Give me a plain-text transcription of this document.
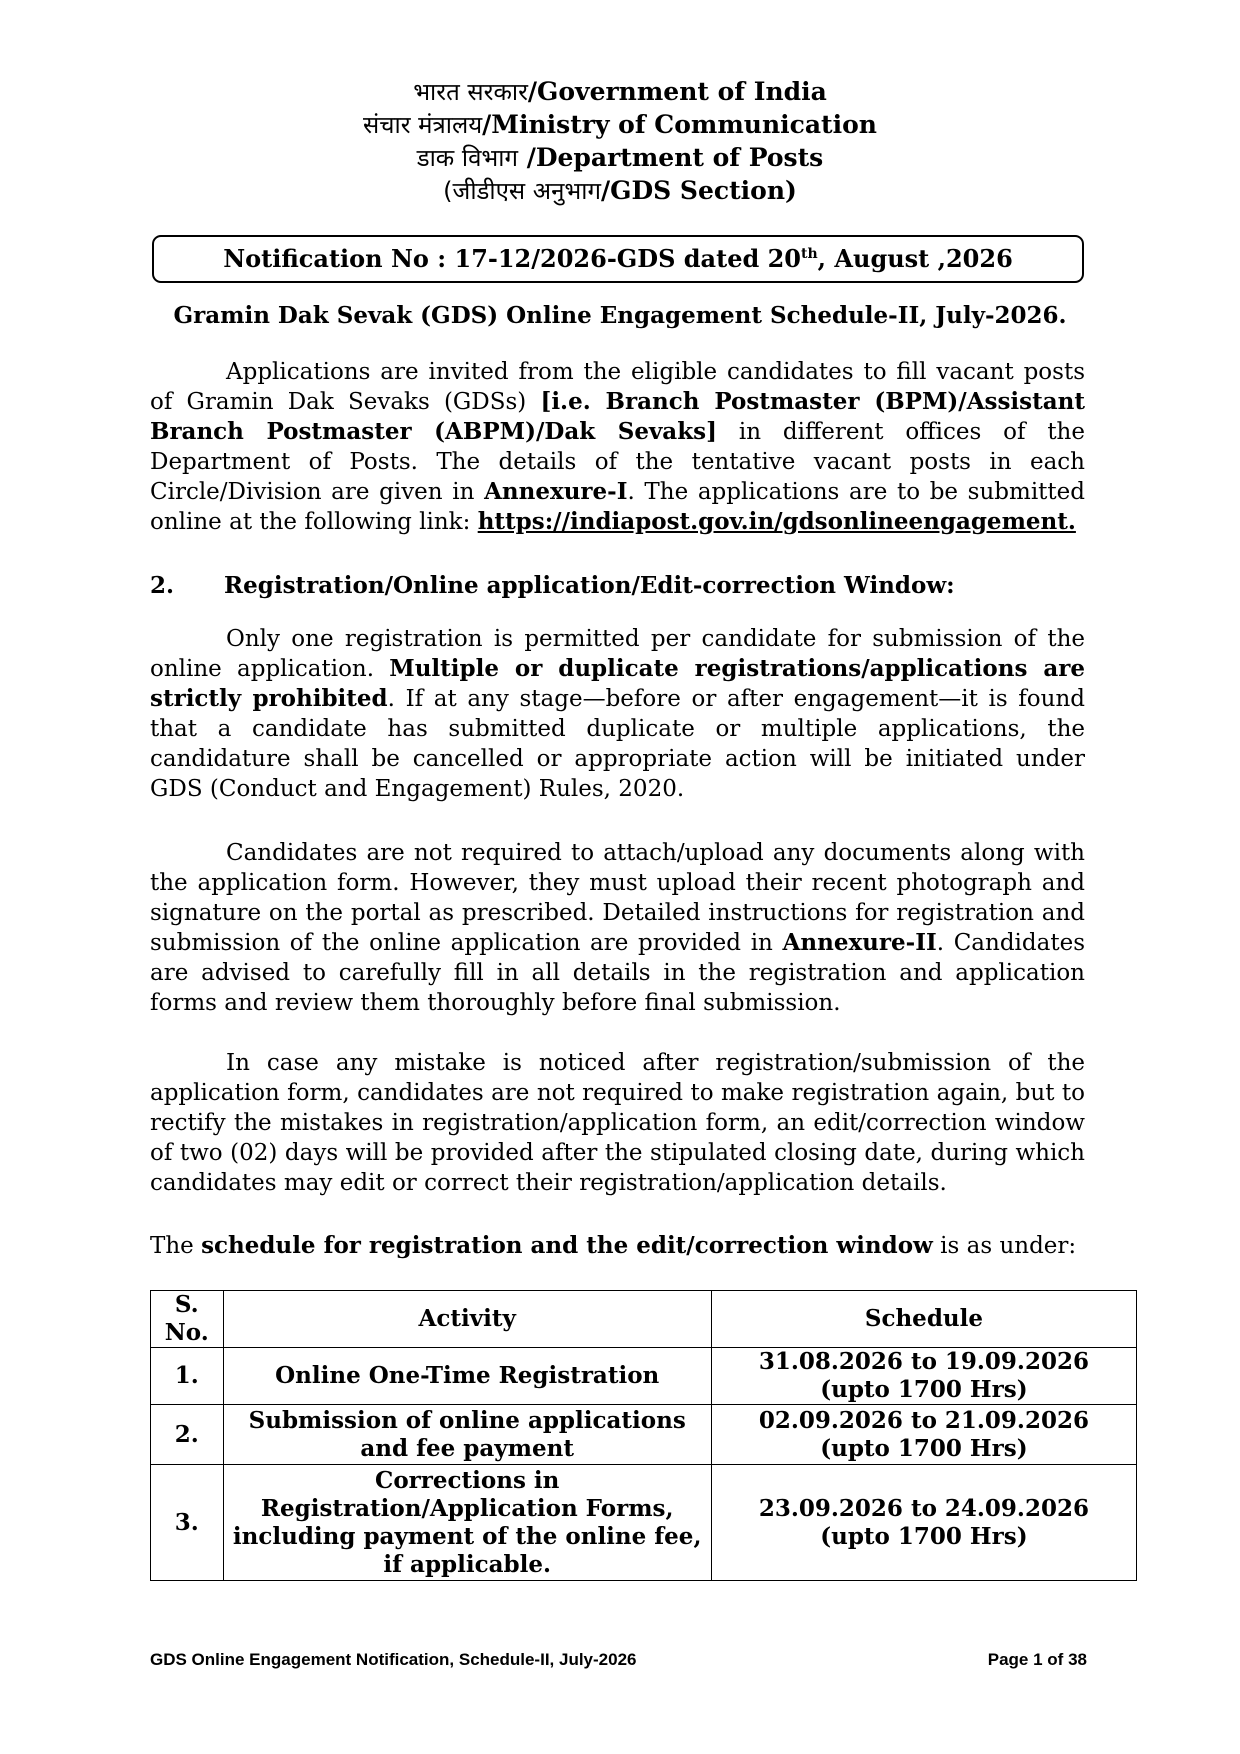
भारत सरकार/Government of India
संचार मंत्रालय/Ministry of Communication
डाक विभाग /Department of Posts
(जीडीएस अनुभाग/GDS Section)
Notification No : 17-12/2026-GDS dated 20th, August ,2026
Gramin Dak Sevak (GDS) Online Engagement Schedule-II, July-2026.
Applications are invited from the eligible candidates to fill vacant posts of Gramin Dak Sevaks (GDSs) [i.e. Branch Postmaster (BPM)/Assistant Branch Postmaster (ABPM)/Dak Sevaks] in different offices of the Department of Posts. The details of the tentative vacant posts in each Circle/Division are given in Annexure-I. The applications are to be submitted online at the following link: https://indiapost.gov.in/gdsonlineengagement.
2. Registration/Online application/Edit-correction Window:
Only one registration is permitted per candidate for submission of the online application. Multiple or duplicate registrations/applications are strictly prohibited. If at any stage—before or after engagement—it is found that a candidate has submitted duplicate or multiple applications, the candidature shall be cancelled or appropriate action will be initiated under GDS (Conduct and Engagement) Rules, 2020.
Candidates are not required to attach/upload any documents along with the application form. However, they must upload their recent photograph and signature on the portal as prescribed. Detailed instructions for registration and submission of the online application are provided in Annexure-II. Candidates are advised to carefully fill in all details in the registration and application forms and review them thoroughly before final submission.
In case any mistake is noticed after registration/submission of the application form, candidates are not required to make registration again, but to rectify the mistakes in registration/application form, an edit/correction window of two (02) days will be provided after the stipulated closing date, during which candidates may edit or correct their registration/application details.
The schedule for registration and the edit/correction window is as under:
S.
No.	Activity	Schedule
1.	Online One-Time Registration	31.08.2026 to 19.09.2026
(upto 1700 Hrs)
2.	Submission of online applications and fee payment	02.09.2026 to 21.09.2026
(upto 1700 Hrs)
3.	Corrections in Registration/Application Forms, including payment of the online fee, if applicable.	23.09.2026 to 24.09.2026
(upto 1700 Hrs)
GDS Online Engagement Notification, Schedule-II, July-2026	Page 1 of 38
